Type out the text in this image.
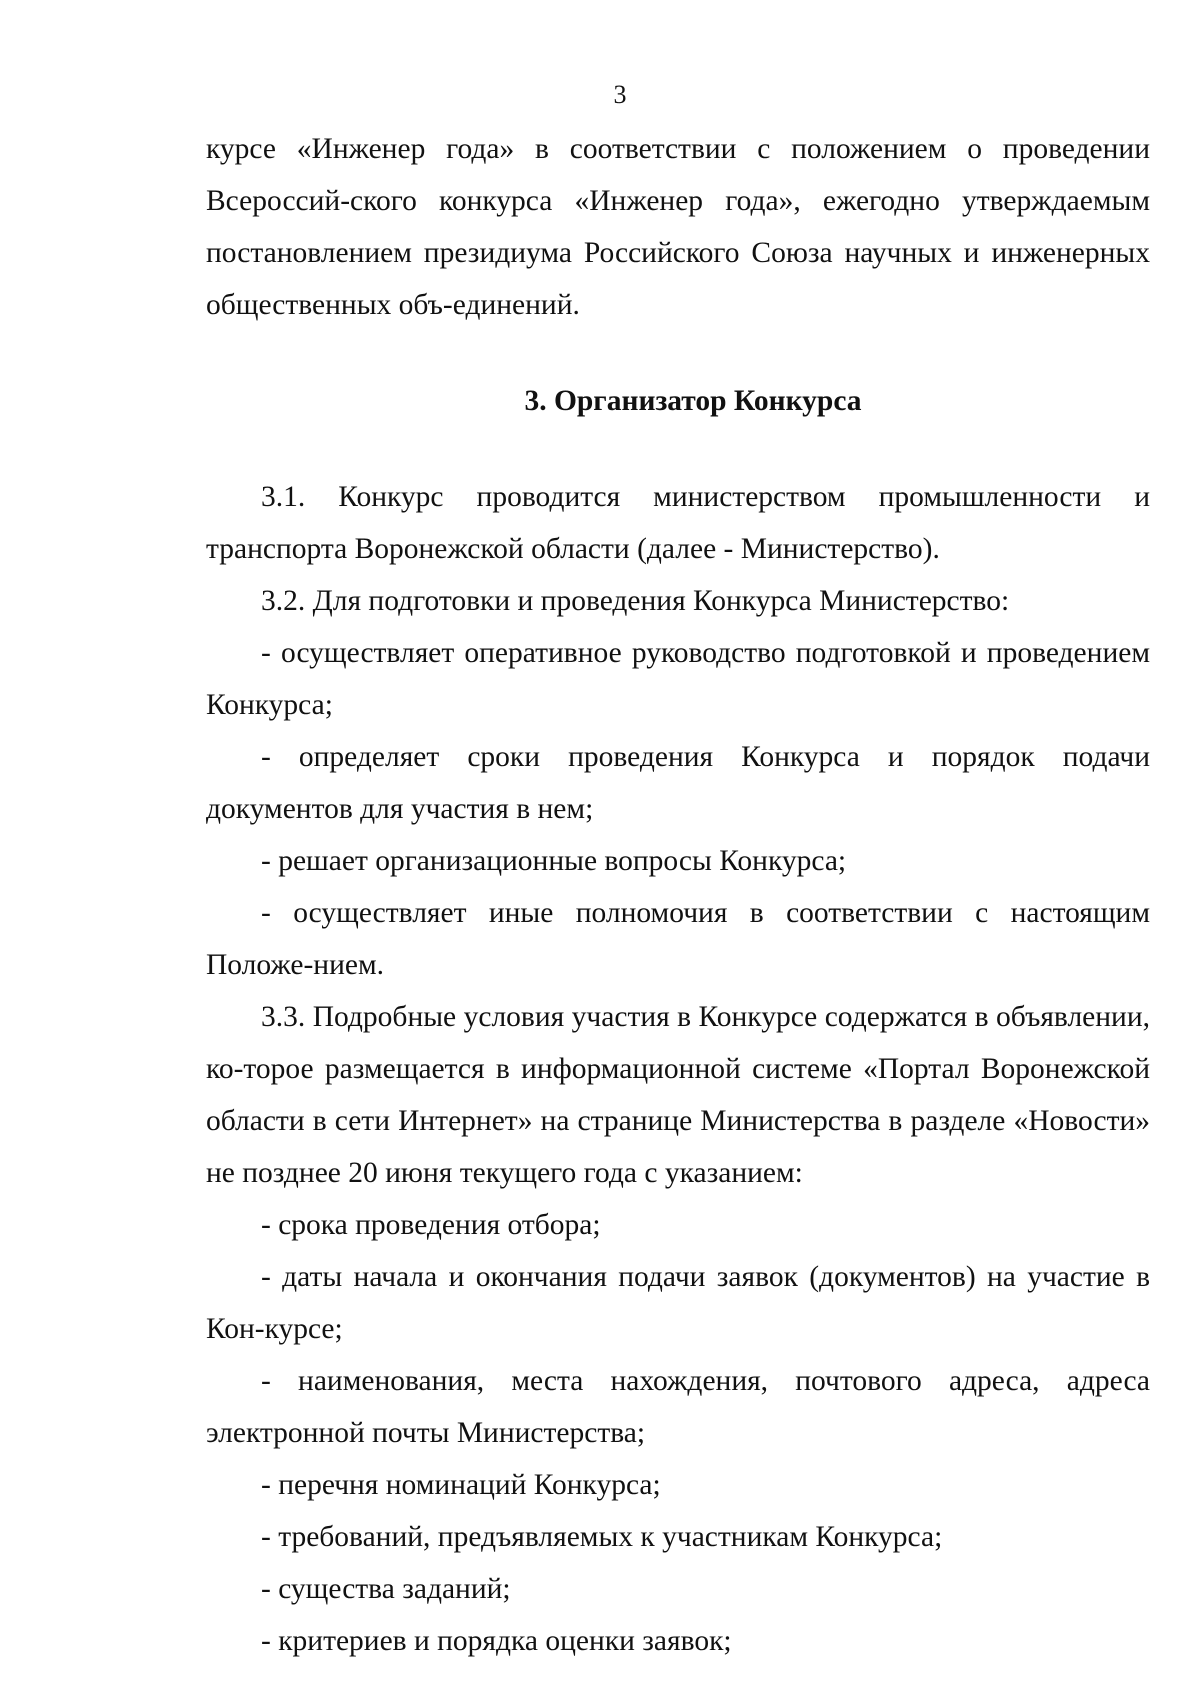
3

курсе «Инженер года» в соответствии с положением о проведении Всероссий-ского конкурса «Инженер года», ежегодно утверждаемым постановлением президиума Российского Союза научных и инженерных общественных объ-единений.

3. Организатор Конкурса

3.1. Конкурс проводится министерством промышленности и транспорта Воронежской области (далее - Министерство).

3.2. Для подготовки и проведения Конкурса Министерство:

- осуществляет оперативное руководство подготовкой и проведением Конкурса;

- определяет сроки проведения Конкурса и порядок подачи документов для участия в нем;

- решает организационные вопросы Конкурса;

- осуществляет иные полномочия в соответствии с настоящим Положе-нием.

3.3. Подробные условия участия в Конкурсе содержатся в объявлении, ко-торое размещается в информационной системе «Портал Воронежской области в сети Интернет» на странице Министерства в разделе «Новости» не позднее 20 июня текущего года с указанием:

- срока проведения отбора;

- даты начала и окончания подачи заявок (документов) на участие в Кон-курсе;

- наименования, места нахождения, почтового адреса, адреса электронной почты Министерства;

- перечня номинаций Конкурса;

- требований, предъявляемых к участникам Конкурса;

- существа заданий;

- критериев и порядка оценки заявок;
